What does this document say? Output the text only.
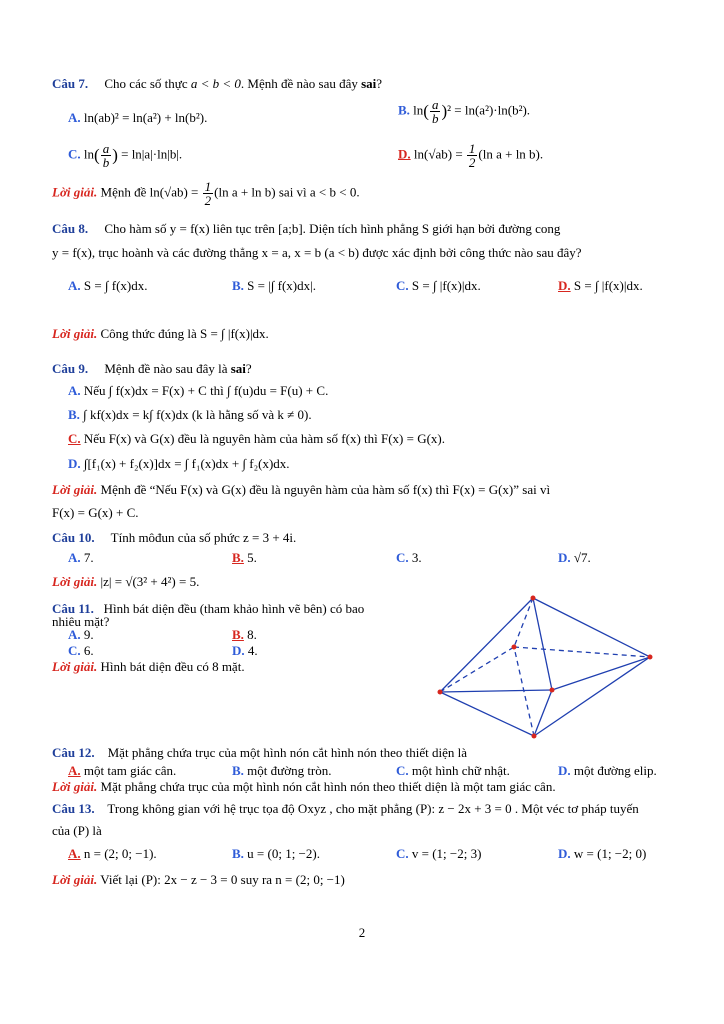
Câu 7. Cho các số thực a < b < 0. Mệnh đề nào sau đây sai?
A. ln(ab)² = ln(a²) + ln(b²).
B. $\ln( \frac{a}{b} )^2 = \ln(a^2)\cdot\ln(b^2)$.
C. $\ln( \frac{a}{b}$ ) = ln|a|·ln|b|.	D. $\ln(√ab) = \frac{1}{2} (\ln$ a + ln b).
Lời giải. Mệnh đề $\ln(√ab) = \frac{1}{2} (\ln$ a + ln b) sai vì a < b < 0.
Câu 8. Cho hàm số y = f(x) liên tục trên [a;b]. Diện tích hình phẳng S giới hạn bởi đường cong
y = f(x), trục hoành và các đường thẳng x = a, x = b (a < b) được xác định bởi công thức nào sau đây?
A. S = ∫ f(x)dx.	B. S = |∫ f(x)dx|.	C. S = ∫ |f(x)|dx.	D. S = ∫ |f(x)|dx.
Lời giải. Công thức đúng là S = ∫ |f(x)|dx.
Câu 9. Mệnh đề nào sau đây là sai?
A. Nếu ∫ f(x)dx = F(x) + C thì ∫ f(u)du = F(u) + C.
B. ∫ kf(x)dx = k∫ f(x)dx (k là hằng số và k ≠ 0).
C. Nếu F(x) và G(x) đều là nguyên hàm của hàm số f(x) thì F(x) = G(x).
D. ∫[f₁(x) + f₂(x)]dx = ∫ f₁(x)dx + ∫ f₂(x)dx.
Lời giải. Mệnh đề “Nếu F(x) và G(x) đều là nguyên hàm của hàm số f(x) thì F(x) = G(x)” sai vì
F(x) = G(x) + C.
Câu 10. Tính môđun của số phức z = 3 + 4i.
A. 7.	B. 5.	C. 3.	D. √7.
Lời giải. |z| = √(3² + 4²) = 5.
Câu 11. Hình bát diện đều (tham khảo hình vẽ bên) có bao
nhiêu mặt?
A. 9.	B. 8.
C. 6.	D. 4.
Lời giải. Hình bát diện đều có 8 mặt.
Câu 12. Mặt phẳng chứa trục của một hình nón cắt hình nón theo thiết diện là
A. một tam giác cân.	B. một đường tròn.	C. một hình chữ nhật.	D. một đường elip.
Lời giải. Mặt phẳng chứa trục của một hình nón cắt hình nón theo thiết diện là một tam giác cân.
Câu 13. Trong không gian với hệ trục tọa độ Oxyz , cho mặt phẳng (P): z − 2x + 3 = 0 . Một véc tơ pháp tuyến
của (P) là
A. n = (2; 0; −1).	B. u = (0; 1; −2).	C. v = (1; −2; 3)	D. w = (1; −2; 0)
Lời giải. Viết lại (P): 2x − z − 3 = 0 suy ra n = (2; 0; −1)
2
